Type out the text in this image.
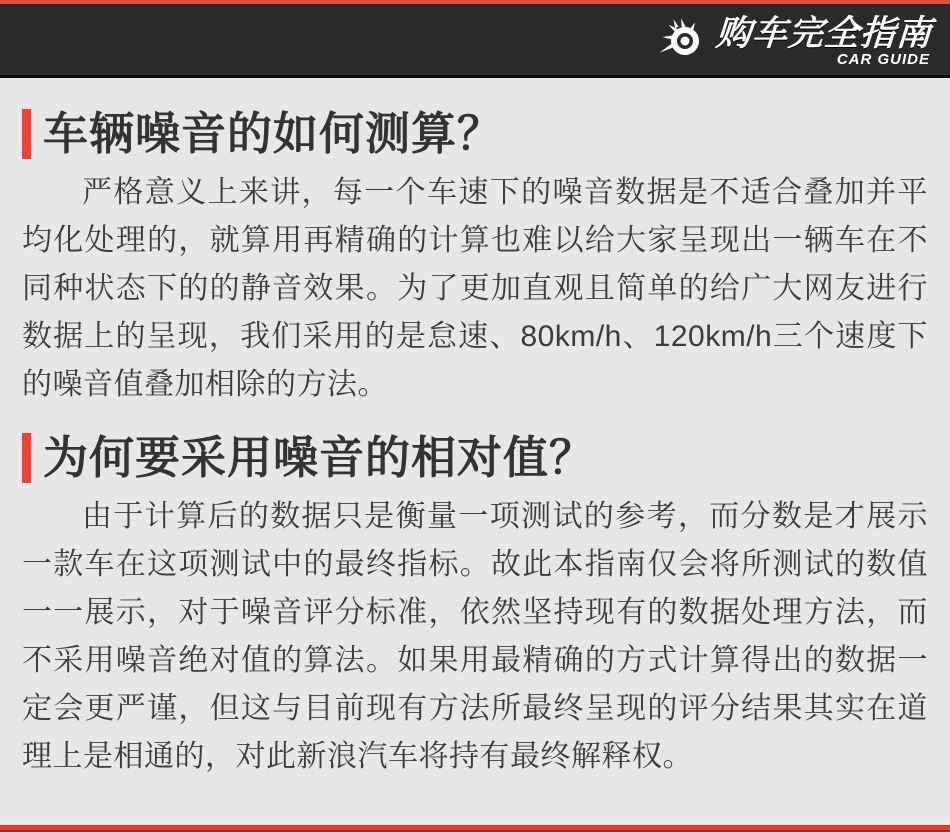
购车完全指南
CAR GUIDE
车辆噪音的如何测算？

严格意义上来讲，每一个车速下的噪音数据是不适合叠加并平均化处理的，就算用再精确的计算也难以给大家呈现出一辆车在不同种状态下的的静音效果。为了更加直观且简单的给广大网友进行数据上的呈现，我们采用的是怠速、80km/h、120km/h三个速度下的噪音值叠加相除的方法。

为何要采用噪音的相对值？

由于计算后的数据只是衡量一项测试的参考，而分数是才展示一款车在这项测试中的最终指标。故此本指南仅会将所测试的数值一一展示，对于噪音评分标准，依然坚持现有的数据处理方法，而不采用噪音绝对值的算法。如果用最精确的方式计算得出的数据一定会更严谨，但这与目前现有方法所最终呈现的评分结果其实在道理上是相通的，对此新浪汽车将持有最终解释权。
